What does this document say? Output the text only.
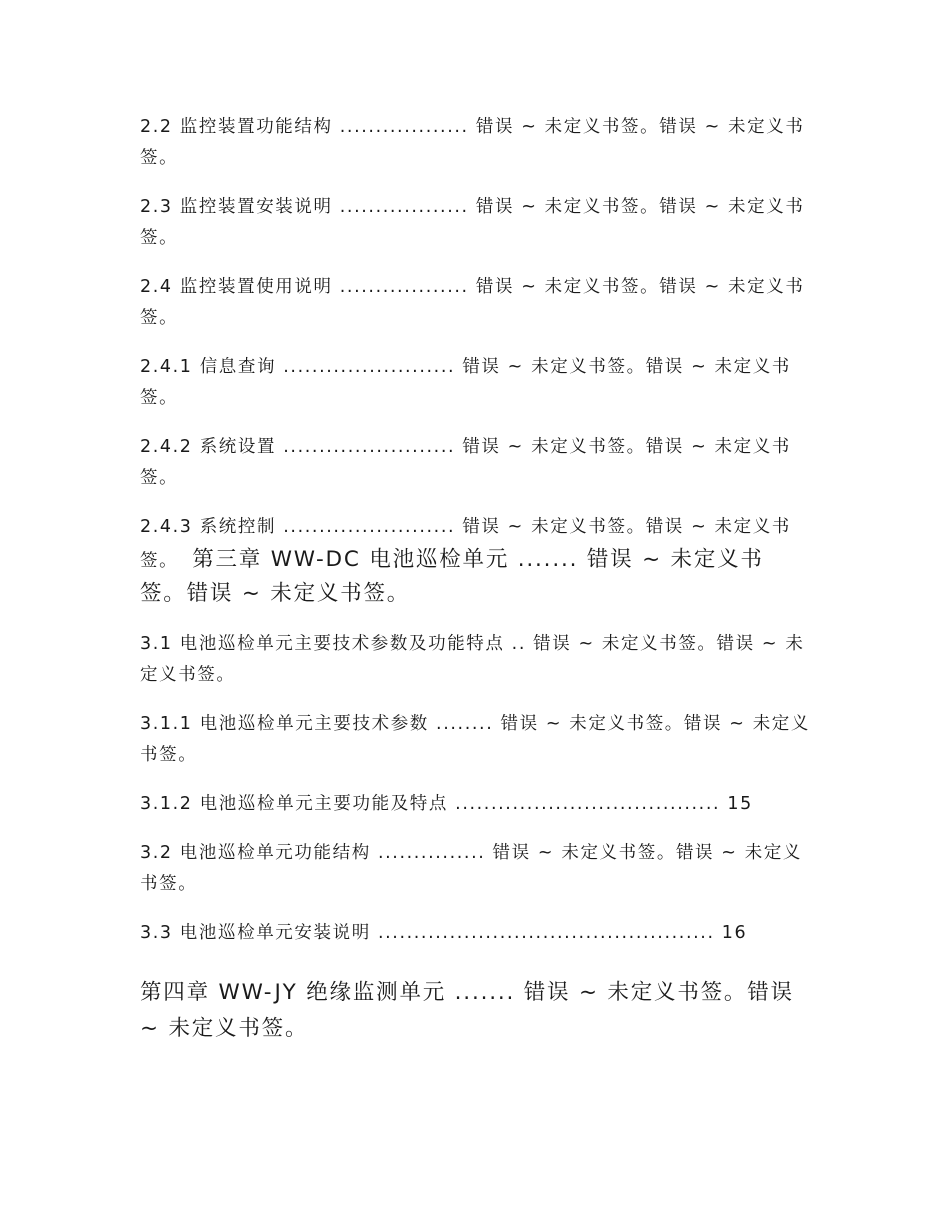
2.2 监控装置功能结构 .................. 错误 ~ 未定义书签。错误 ~ 未定义书签。

2.3 监控装置安装说明 .................. 错误 ~ 未定义书签。错误 ~ 未定义书签。

2.4 监控装置使用说明 .................. 错误 ~ 未定义书签。错误 ~ 未定义书签。

2.4.1 信息查询 ........................ 错误 ~ 未定义书签。错误 ~ 未定义书签。

2.4.2 系统设置 ........................ 错误 ~ 未定义书签。错误 ~ 未定义书签。

2.4.3 系统控制 ........................ 错误 ~ 未定义书签。错误 ~ 未定义书签。 第三章 WW-DC 电池巡检单元 ....... 错误 ~ 未定义书签。错误 ~ 未定义书签。

3.1 电池巡检单元主要技术参数及功能特点 .. 错误 ~ 未定义书签。错误 ~ 未定义书签。

3.1.1 电池巡检单元主要技术参数 ........ 错误 ~ 未定义书签。错误 ~ 未定义书签。

3.1.2 电池巡检单元主要功能及特点 ..................................... 15

3.2 电池巡检单元功能结构 ............... 错误 ~ 未定义书签。错误 ~ 未定义书签。

3.3 电池巡检单元安装说明 ............................................... 16

第四章 WW-JY 绝缘监测单元 ....... 错误 ~ 未定义书签。错误 ~ 未定义书签。
